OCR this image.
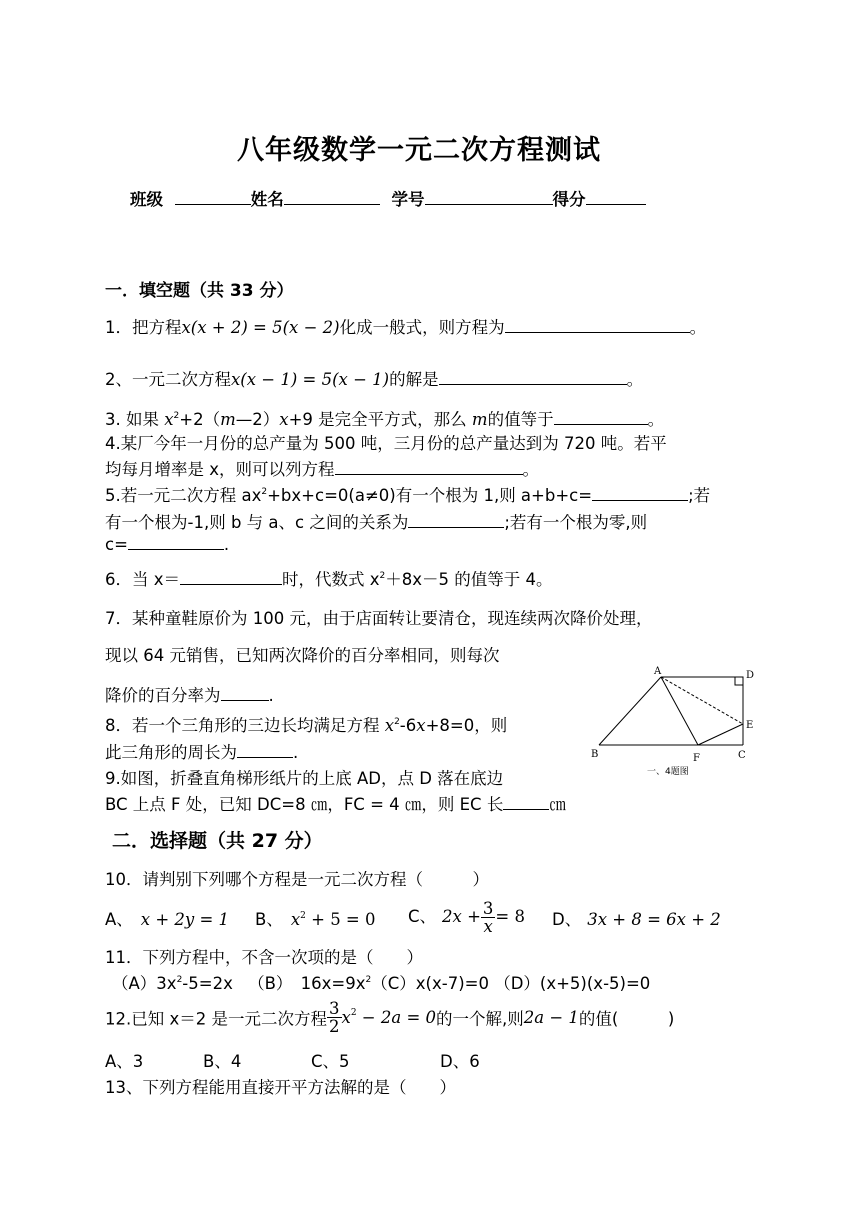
八年级数学一元二次方程测试
班级	姓名	学号	得分
一．填空题（共 33 分）
1．把方程x(x + 2) = 5(x − 2)化成一般式，则方程为	。
2、一元二次方程x(x − 1) = 5(x − 1)的解是	。
3. 如果 $x^2+2(m—2)x+9$ 是完全平方式，那么 m的值等于	。
4.某厂今年一月份的总产量为 500 吨，三月份的总产量达到为 720 吨。若平
均每月增率是 x，则可以列方程	。
5.若一元二次方程 $ax^2+bx+c=0(a\ne 0)$有一个根为 1,则 a+b+c=	;若
有一个根为-1,则 b 与 a、c 之间的关系为	;若有一个根为零,则
c=	.
6．当 x＝	时，代数式 $x^2+8x-5$ 的值等于 4。
7．某种童鞋原价为 100 元，由于店面转让要清仓，现连续两次降价处理，
现以 64 元销售，已知两次降价的百分率相同，则每次
降价的百分率为	.
8．若一个三角形的三边长均满足方程 $x^2-6x+8=0$，则
此三角形的周长为	.
9.如图，折叠直角梯形纸片的上底 AD，点 D 落在底边
BC 上点 F 处，已知 DC=8 ㎝，FC = 4 ㎝，则 EC 长	㎝
A	D
E
B	F	C
一、4题图
二．选择题（共 27 分）
10．请判别下列哪个方程是一元二次方程（　　　）
A、 x + 2y = 1 B、 $x^2 + 5 = 0$ C、 $2x + \frac{3}{x} = 8$ D、 3x + 8 = 6x + 2
11．下列方程中，不含一次项的是（　　）
$(A)3x^2-5=2x$ （B）　$16x=9x^2(C)x(x-7)=0$ （D）(x+5)(x-5)=0
12.已知 x＝2 是一元二次方程 $\frac{3}{2} x^2 - 2a = 0$的一个解,则2a − 1的值(　　　)
A、3	B、4	C、5	D、6
13、下列方程能用直接开平方法解的是（　　）
